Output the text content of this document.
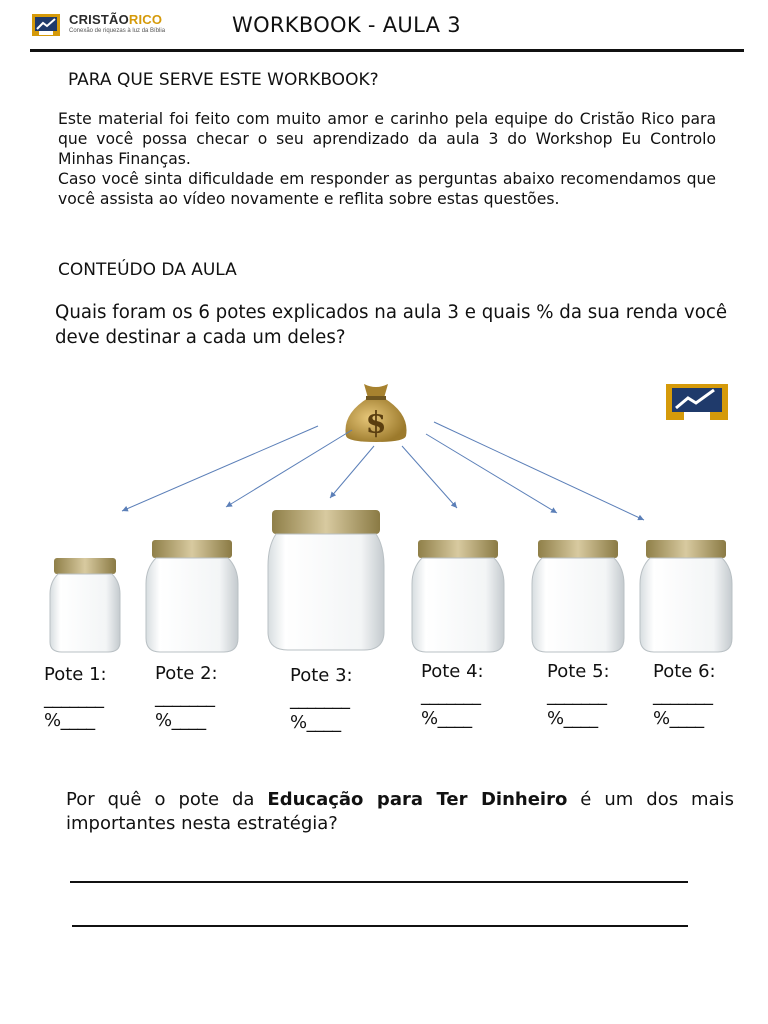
CRISTÃORICO
Conexão de riquezas à luz da Bíblia	WORKBOOK - AULA 3
PARA QUE SERVE ESTE WORKBOOK?

Este material foi feito com muito amor e carinho pela equipe do Cristão Rico para que você possa checar o seu aprendizado da aula 3 do Workshop Eu Controlo Minhas Finanças.

Caso você sinta dificuldade em responder as perguntas abaixo recomendamos que você assista ao vídeo novamente e reflita sobre estas questões.

CONTEÚDO DA AULA
Quais foram os 6 potes explicados na aula 3 e quais % da sua renda você deve destinar a cada um deles?
$
Pote 1:
_______
%____
Pote 2:
_______
%____
Pote 3:
_______
%____
Pote 4:
_______
%____
Pote 5:
_______
%____
Pote 6:
_______
%____
Por quê o pote da Educação para Ter Dinheiro é um dos mais importantes nesta estratégia?
